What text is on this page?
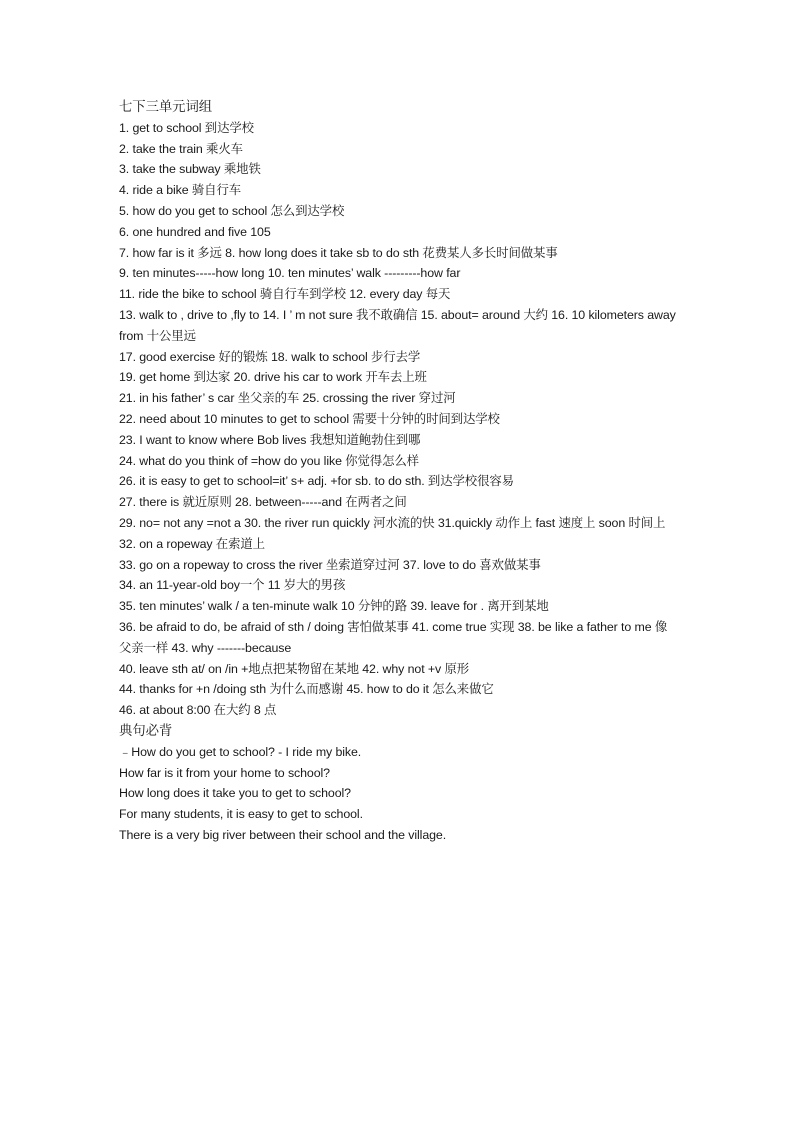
七下三单元词组
1. get to school 到达学校
2. take the train 乘火车
3. take the subway 乘地铁
4. ride a bike 骑自行车
5. how do you get to school 怎么到达学校
6. one hundred and five 105
7. how far is it 多远 8. how long does it take sb to do sth 花费某人多长时间做某事
9. ten minutes-----how long 10. ten minutes’ walk ---------how far
11. ride the bike to school 骑自行车到学校 12. every day 每天
13. walk to , drive to ,fly to 14. I ’ m not sure 我不敢确信 15. about= around 大约 16. 10 kilometers away from 十公里远
17. good exercise 好的锻炼 18. walk to school 步行去学
19. get home 到达家 20. drive his car to work 开车去上班
21. in his father’ s car 坐父亲的车 25. crossing the river 穿过河
22. need about 10 minutes to get to school 需要十分钟的时间到达学校
23. I want to know where Bob lives 我想知道鲍勃住到哪
24. what do you think of =how do you like 你觉得怎么样
26. it is easy to get to school=it’ s+ adj. +for sb. to do sth. 到达学校很容易
27. there is 就近原则 28. between-----and 在两者之间
29. no= not any =not a 30. the river run quickly 河水流的快 31.quickly 动作上 fast 速度上 soon 时间上 32. on a ropeway 在索道上
33. go on a ropeway to cross the river 坐索道穿过河 37. love to do 喜欢做某事
34. an 11-year-old boy一个 11 岁大的男孩
35. ten minutes’ walk / a ten-minute walk 10 分钟的路 39. leave for . 离开到某地
36. be afraid to do, be afraid of sth / doing 害怕做某事 41. come true 实现 38. be like a father to me 像父亲一样 43. why -------because
40. leave sth at/ on /in +地点把某物留在某地 42. why not +v 原形
44. thanks for +n /doing sth 为什么而感谢 45. how to do it 怎么来做它
46. at about 8:00 在大约 8 点
典句必背
﹣How do you get to school? - I ride my bike.
How far is it from your home to school?
How long does it take you to get to school?
For many students, it is easy to get to school.
There is a very big river between their school and the village.
